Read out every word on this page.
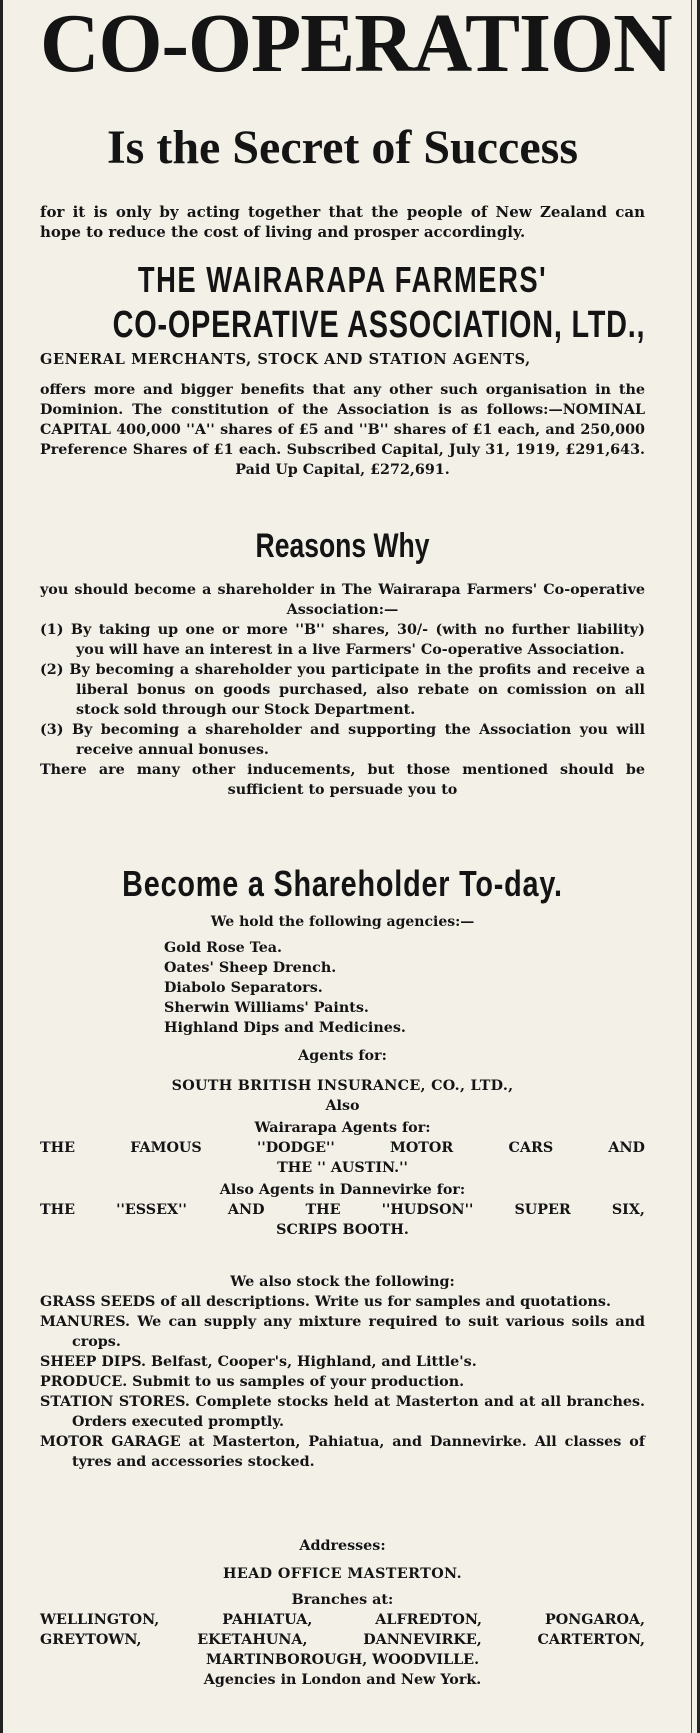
CO-OPERATION
Is the Secret of Success

for it is only by acting together that the people of New Zealand can hope to reduce the cost of living and prosper accordingly.

THE WAIRARAPA FARMERS'
CO-OPERATIVE ASSOCIATION, LTD.,
GENERAL MERCHANTS, STOCK AND STATION AGENTS,

offers more and bigger benefits that any other such organisation in the Dominion. The constitution of the Association is as follows:—NOMINAL CAPITAL 400,000 ''A'' shares of £5 and ''B'' shares of £1 each, and 250,000 Preference Shares of £1 each. Subscribed Capital, July 31, 1919, £291,643. Paid Up Capital, £272,691.

Reasons Why

you should become a shareholder in The Wairarapa Farmers' Co-operative Association:—

(1) By taking up one or more ''B'' shares, 30/- (with no further liability) you will have an interest in a live Farmers' Co-operative Association.

(2) By becoming a shareholder you participate in the profits and receive a liberal bonus on goods purchased, also rebate on comission on all stock sold through our Stock Department.

(3) By becoming a shareholder and supporting the Association you will receive annual bonuses.

There are many other inducements, but those mentioned should be sufficient to persuade you to

Become a Shareholder To-day.

We hold the following agencies:—

Gold Rose Tea.

Oates' Sheep Drench.

Diabolo Separators.

Sherwin Williams' Paints.

Highland Dips and Medicines.

Agents for:

SOUTH BRITISH INSURANCE, CO., LTD.,

Also

Wairarapa Agents for:

THE	FAMOUS	''DODGE''	MOTOR	CARS	AND

THE '' AUSTIN.''

Also Agents in Dannevirke for:

THE	''ESSEX''	AND	THE	''HUDSON''	SUPER	SIX,

SCRIPS BOOTH.

We also stock the following:

GRASS SEEDS of all descriptions. Write us for samples and quotations.

MANURES. We can supply any mixture required to suit various soils and crops.

SHEEP DIPS. Belfast, Cooper's, Highland, and Little's.

PRODUCE. Submit to us samples of your production.

STATION STORES. Complete stocks held at Masterton and at all branches. Orders executed promptly.

MOTOR GARAGE at Masterton, Pahiatua, and Dannevirke. All classes of tyres and accessories stocked.

Addresses:

HEAD OFFICE MASTERTON.

Branches at:

WELLINGTON,	PAHIATUA,	ALFREDTON,	PONGAROA,
GREYTOWN,	EKETAHUNA,	DANNEVIRKE,	CARTERTON,

MARTINBOROUGH, WOODVILLE.

Agencies in London and New York.
